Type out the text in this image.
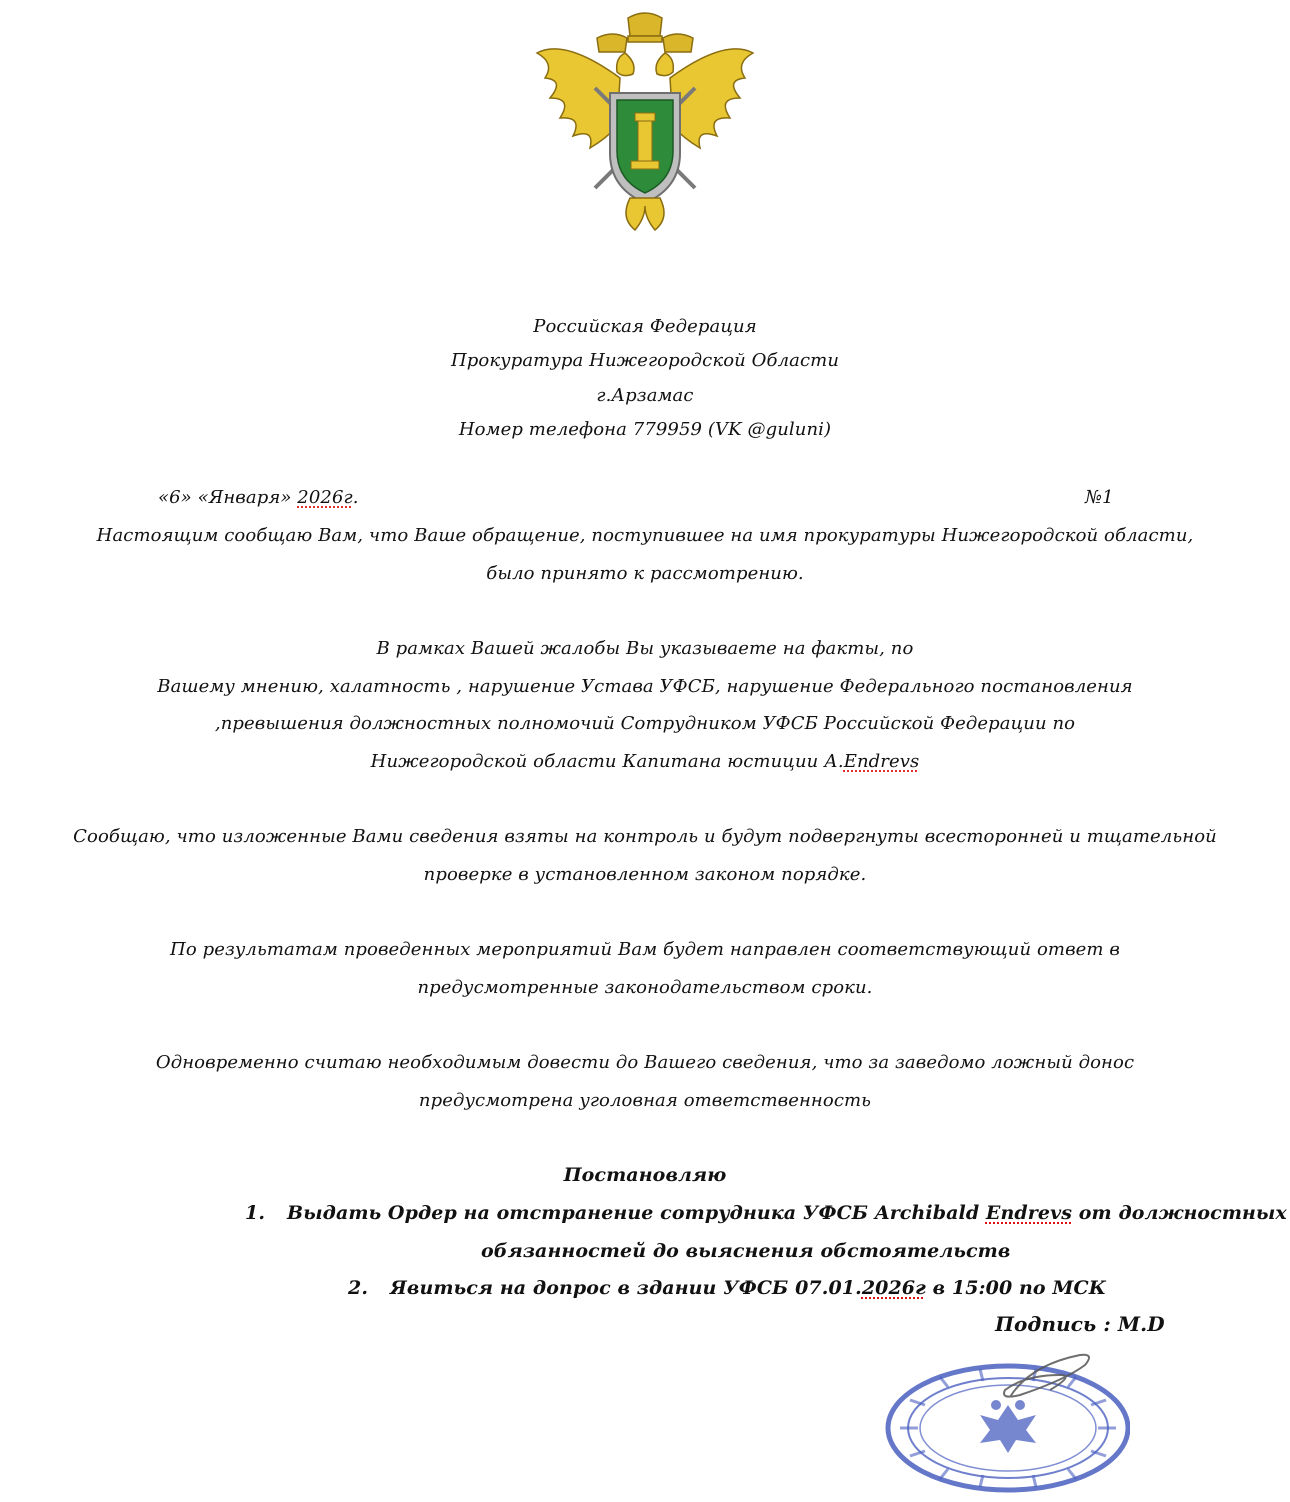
Российская Федерация
Прокуратура Нижегородской Области
г.Арзамас
Номер телефона 779959 (VK @guluni)
«6» «Января» 2026г.	№1
Настоящим сообщаю Вам, что Ваше обращение, поступившее на имя прокуратуры Нижегородской области,
было принято к рассмотрению.
В рамках Вашей жалобы Вы указываете на факты, по
Вашему мнению, халатность , нарушение Устава УФСБ, нарушение Федерального постановления
,превышения должностных полномочий Сотрудником УФСБ Российской Федерации по
Нижегородской области Капитана юстиции А.Endrevs
Сообщаю, что изложенные Вами сведения взяты на контроль и будут подвергнуты всесторонней и тщательной
проверке в установленном законом порядке.
По результатам проведенных мероприятий Вам будет направлен соответствующий ответ в
предусмотренные законодательством сроки.
Одновременно считаю необходимым довести до Вашего сведения, что за заведомо ложный донос
предусмотрена уголовная ответственность
Постановляю
1. Выдать Ордер на отстранение сотрудника УФСБ Archibald Endrevs от должностных
обязанностей до выяснения обстоятельств
2. Явиться на допрос в здании УФСБ 07.01.2026г в 15:00 по МСК
Подпись : M.D
